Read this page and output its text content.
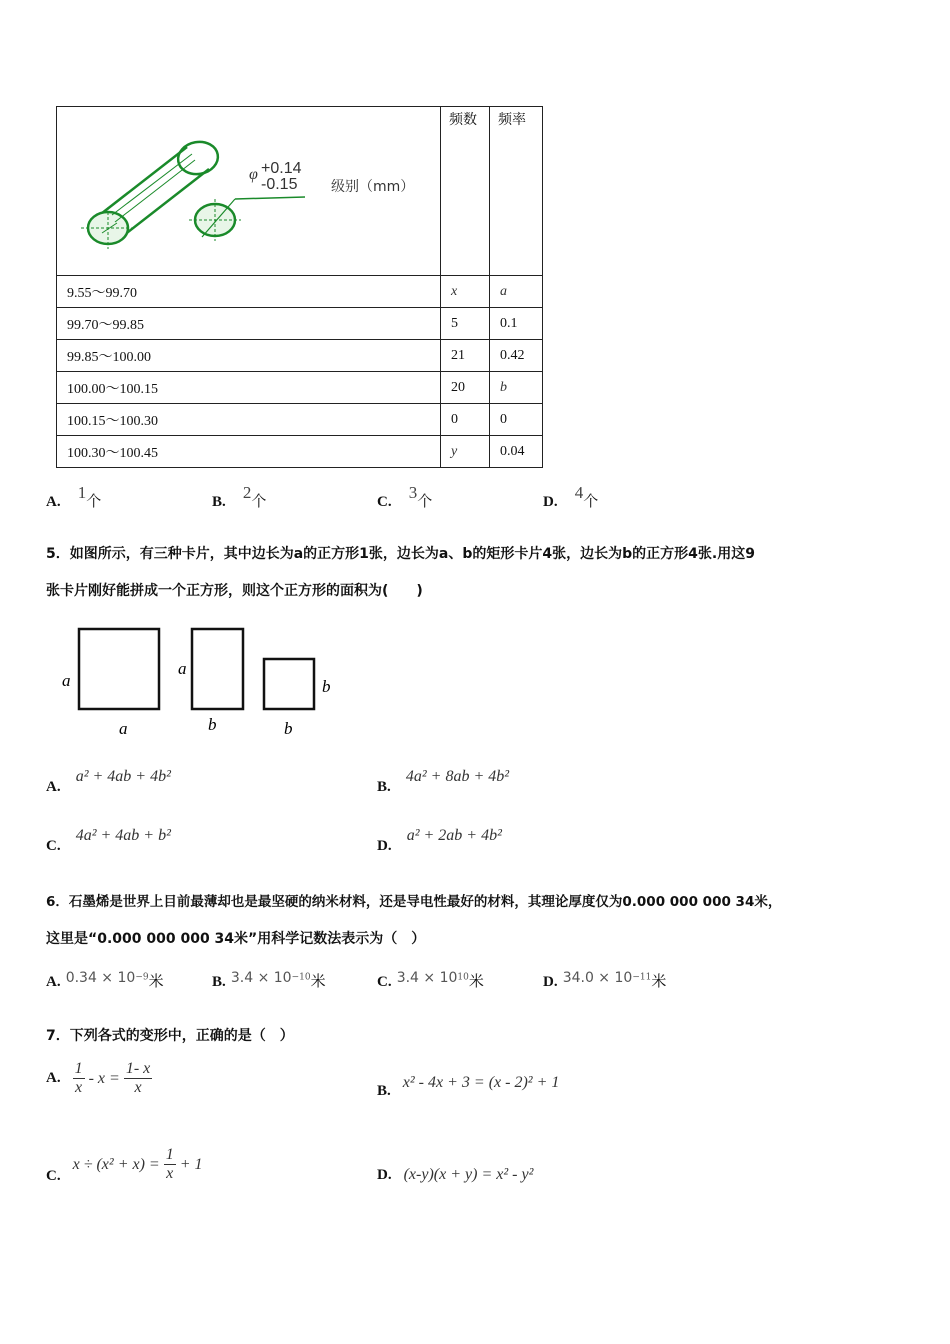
φ +0.14
-0.15 级别（mm）	频数	频率
9.55～99.70	x	a
99.70～99.85	5	0.1
99.85～100.00	21	0.42
100.00～100.15	20	b
100.15～100.30	0	0
100.30～100.45	y	0.04
A. 1个	B. 2个	C. 3个	D. 4个
5．如图所示，有三种卡片，其中边长为a的正方形1张，边长为a、b的矩形卡片4张，边长为b的正方形4张.用这9
张卡片刚好能拼成一个正方形，则这个正方形的面积为(　　)
a
a
a
b
b
b
A. a² + 4ab + 4b²
B. 4a² + 8ab + 4b²
C. 4a² + 4ab + b²
D. a² + 2ab + 4b²
6．石墨烯是世界上目前最薄却也是最坚硬的纳米材料，还是导电性最好的材料，其理论厚度仅为0.000 000 000 34米，
这里是“0.000 000 000 34米”用科学记数法表示为（　）
A. $0.34 \times 10^{-9}$米	B. $3.4 \times 10^{-10}$米	C. $3.4 \times 10^{10}$米	D. $34.0 \times 10^{-11}$米
7．下列各式的变形中，正确的是（　）
A. $\frac{1}{x} - x = \frac{1- x}{x}$	B. x² - 4x + 3 = (x - 2)² + 1
C.
$x \div (x^2 + x) = \frac{1}{x} + 1$
D. (x-y)(x + y) = x² - y²
